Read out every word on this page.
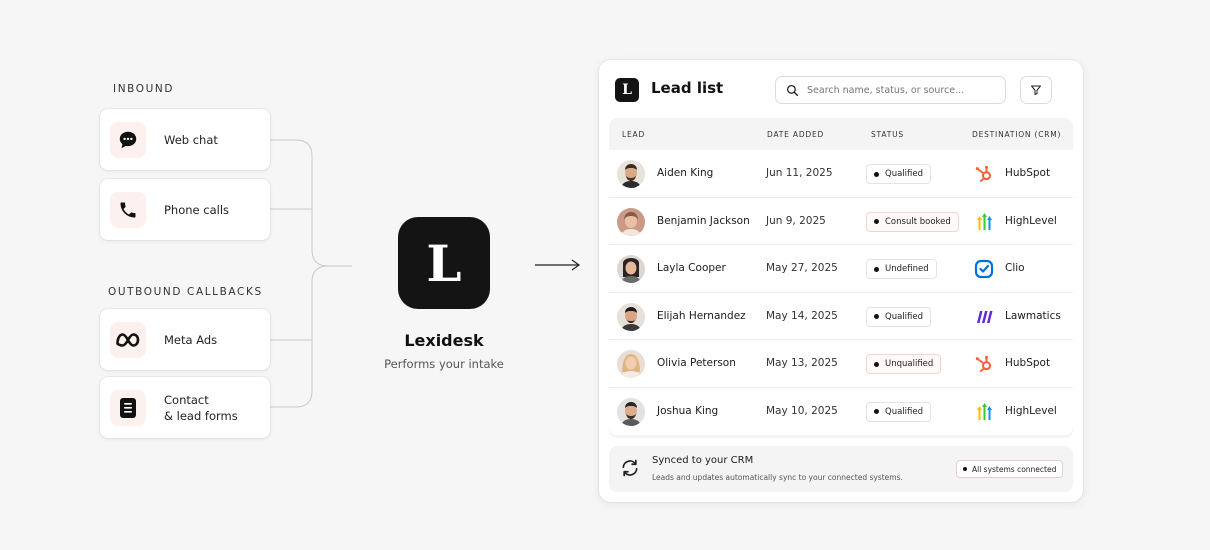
INBOUND
Web chat
Phone calls
OUTBOUND CALLBACKS
Meta Ads
Contact
& lead forms
L
Lexidesk
Performs your intake
L	Lead list
Search name, status, or source...
LEAD	DATE ADDED	STATUS	DESTINATION (CRM)
Aiden King	Jun 11, 2025	Qualified	HubSpot
Benjamin Jackson Jun 9, 2025	Consult booked	HighLevel
Layla Cooper	May 27, 2025	Undefined	Clio
Elijah Hernandez May 14, 2025	Qualified	Lawmatics
Olivia Peterson	May 13, 2025	Unqualified	HubSpot
Joshua King	May 10, 2025	Qualified	HighLevel
Synced to your CRM
Leads and updates automatically sync to your connected systems.
All systems connected
